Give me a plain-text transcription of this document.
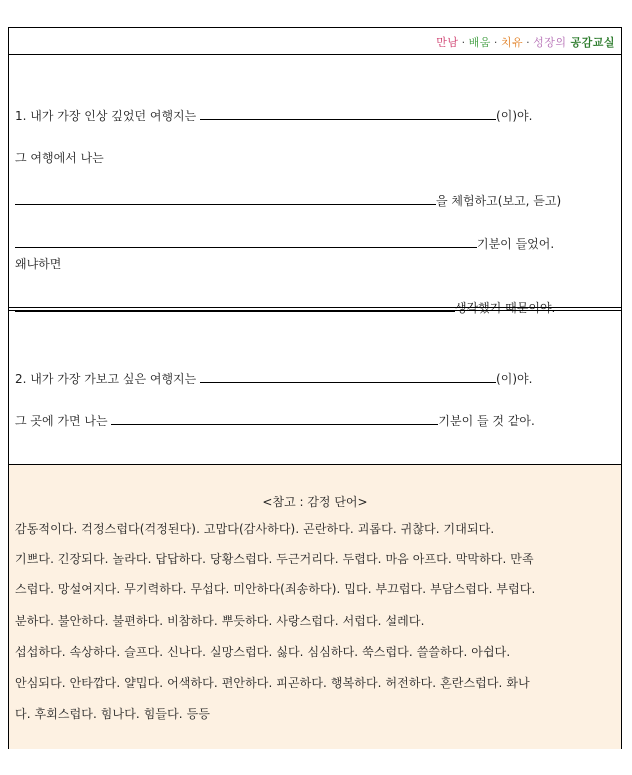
만남 · 배움 · 치유 · 성장의 공감교실
1. 내가 가장 인상 깊었던 여행지는	(이)야.
그 여행에서 나는
을 체험하고(보고, 듣고)
기분이 들었어.
왜냐하면
생각했기 때문이야.
2. 내가 가장 가보고 싶은 여행지는	(이)야.
그 곳에 가면 나는	기분이 들 것 같아.
<참고 : 감정 단어>
감동적이다. 걱정스럽다(걱정된다). 고맙다(감사하다). 곤란하다. 괴롭다. 귀찮다. 기대되다.
기쁘다. 긴장되다. 놀라다. 답답하다. 당황스럽다. 두근거리다. 두렵다. 마음 아프다. 막막하다. 만족
스럽다. 망설여지다. 무기력하다. 무섭다. 미안하다(죄송하다). 밉다. 부끄럽다. 부담스럽다. 부럽다.
분하다. 불안하다. 불편하다. 비참하다. 뿌듯하다. 사랑스럽다. 서럽다. 설레다.
섭섭하다. 속상하다. 슬프다. 신나다. 실망스럽다. 싫다. 심심하다. 쑥스럽다. 쓸쓸하다. 아쉽다.
안심되다. 안타깝다. 얄밉다. 어색하다. 편안하다. 피곤하다. 행복하다. 허전하다. 혼란스럽다. 화나
다. 후회스럽다. 힘나다. 힘들다. 등등
